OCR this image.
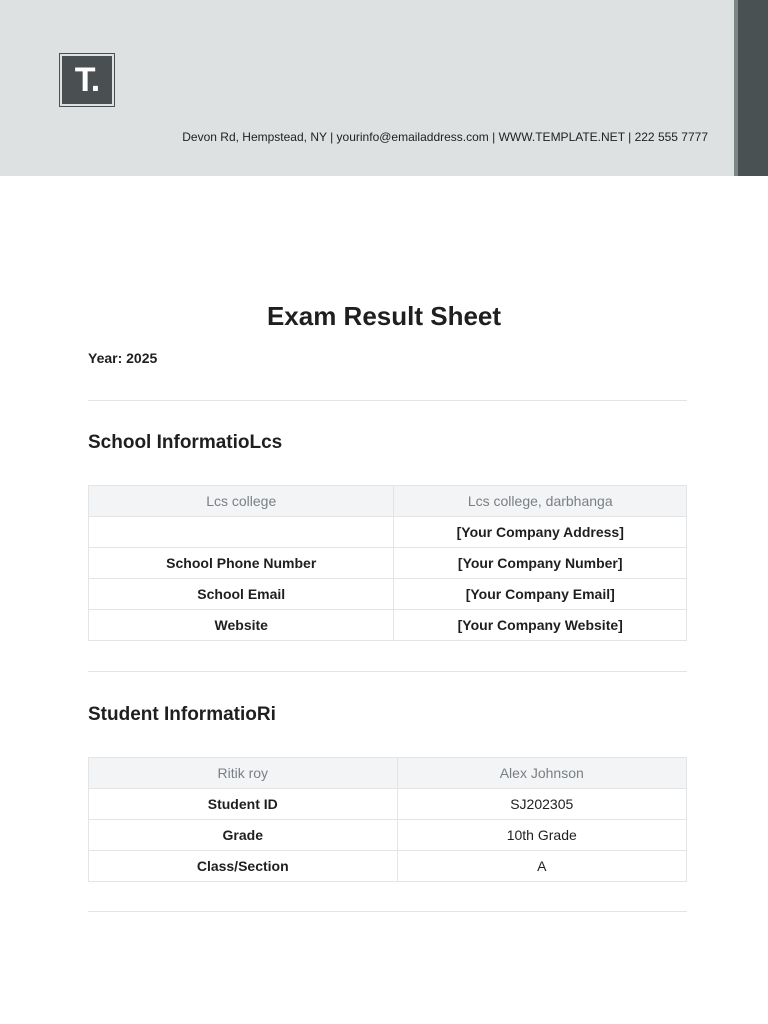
T.
Devon Rd, Hempstead, NY | yourinfo@emailaddress.com | WWW.TEMPLATE.NET | 222 555 7777
Exam Result Sheet
Year: 2025
School InformatioLcs
Lcs college	Lcs college, darbhanga
	[Your Company Address]
School Phone Number	[Your Company Number]
School Email	[Your Company Email]
Website	[Your Company Website]
Student InformatioRi
Ritik roy	Alex Johnson
Student ID	SJ202305
Grade	10th Grade
Class/Section	A
